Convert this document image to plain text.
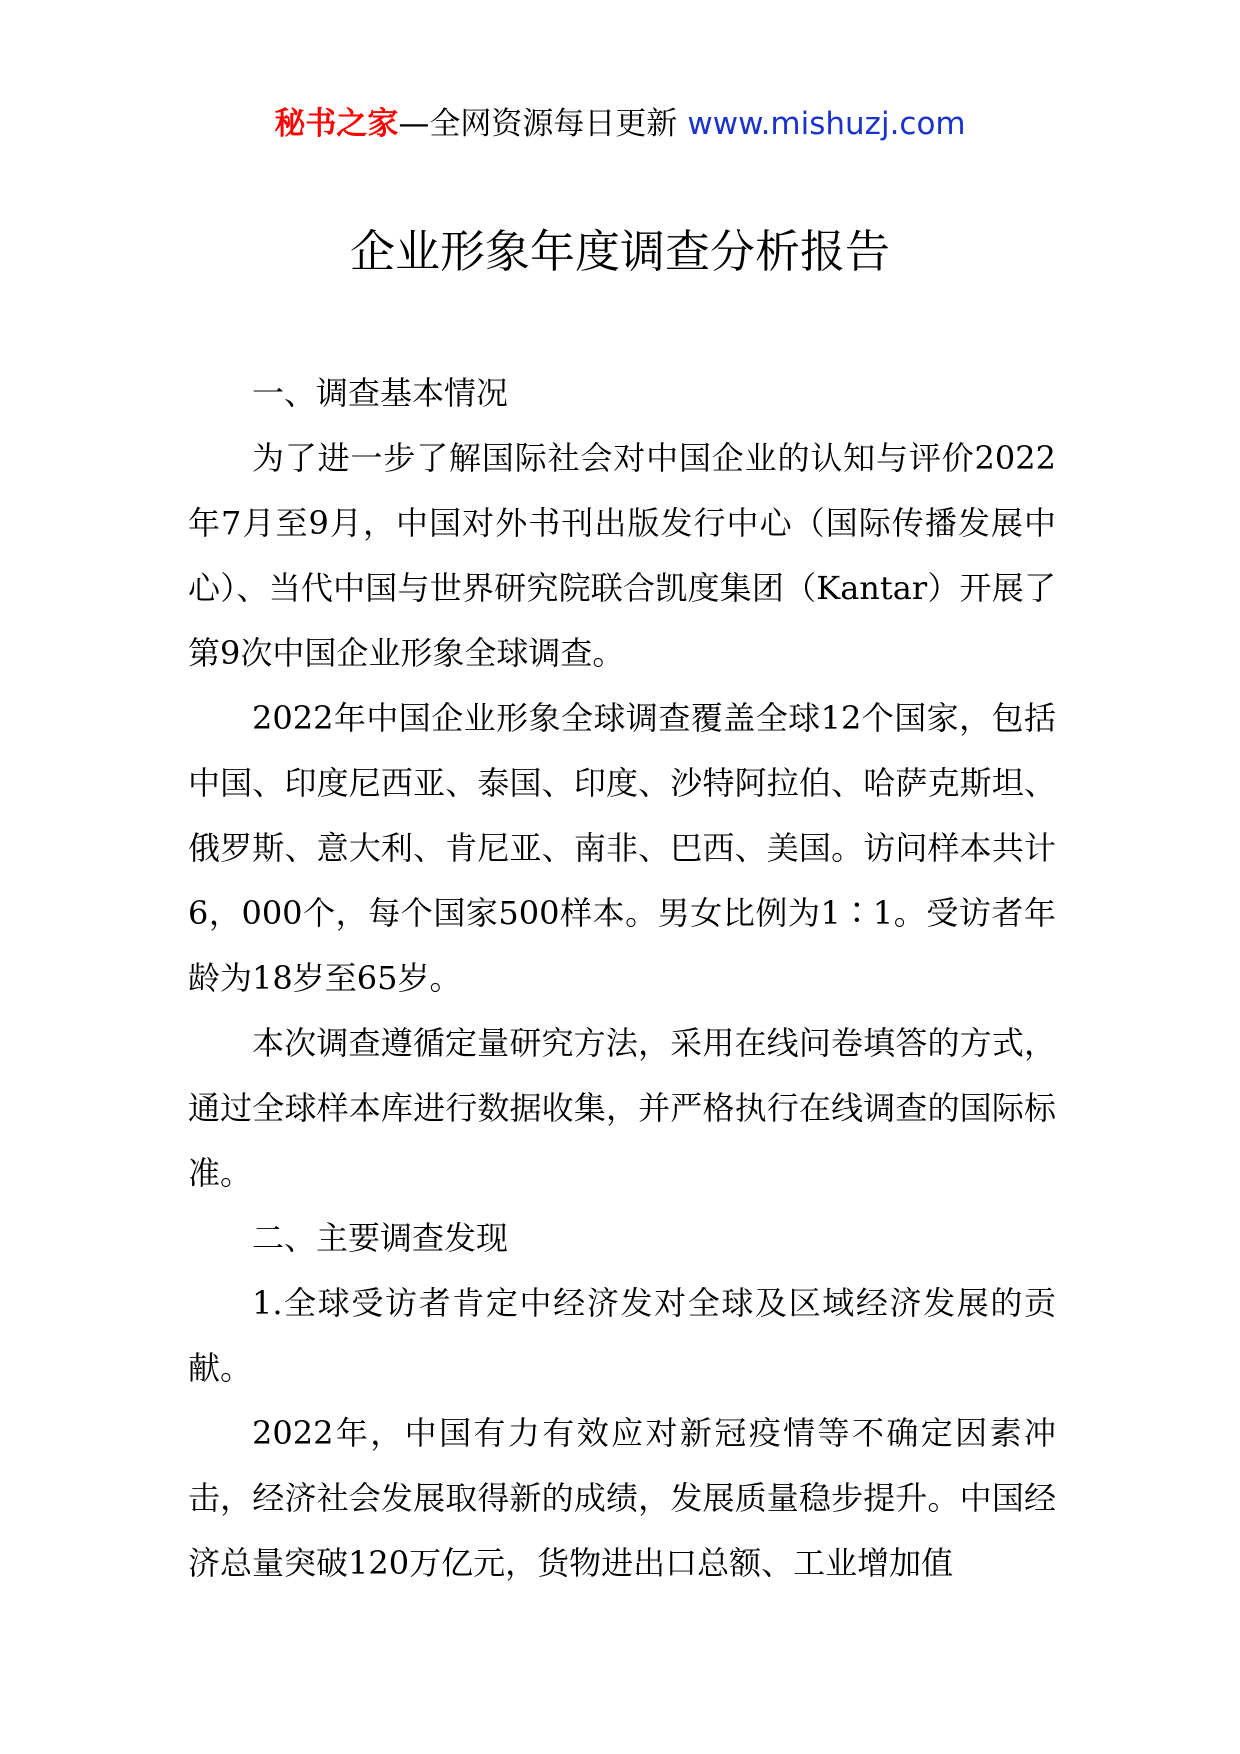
秘书之家—全网资源每日更新 www.mishuzj.com
企业形象年度调查分析报告

一、调查基本情况

为了进一步了解国际社会对中国企业的认知与评价2022年7月至9月，中国对外书刊出版发行中心（国际传播发展中心）、当代中国与世界研究院联合凯度集团（Kantar）开展了第9次中国企业形象全球调查。

2022年中国企业形象全球调查覆盖全球12个国家，包括中国、印度尼西亚、泰国、印度、沙特阿拉伯、哈萨克斯坦、俄罗斯、意大利、肯尼亚、南非、巴西、美国。访问样本共计6，000个，每个国家500样本。男女比例为1∶1。受访者年龄为18岁至65岁。

本次调查遵循定量研究方法，采用在线问卷填答的方式，通过全球样本库进行数据收集，并严格执行在线调查的国际标准。

二、主要调查发现

1.全球受访者肯定中经济发对全球及区域经济发展的贡献。

2022年，中国有力有效应对新冠疫情等不确定因素冲击，经济社会发展取得新的成绩，发展质量稳步提升。中国经济总量突破120万亿元，货物进出口总额、工业增加值
